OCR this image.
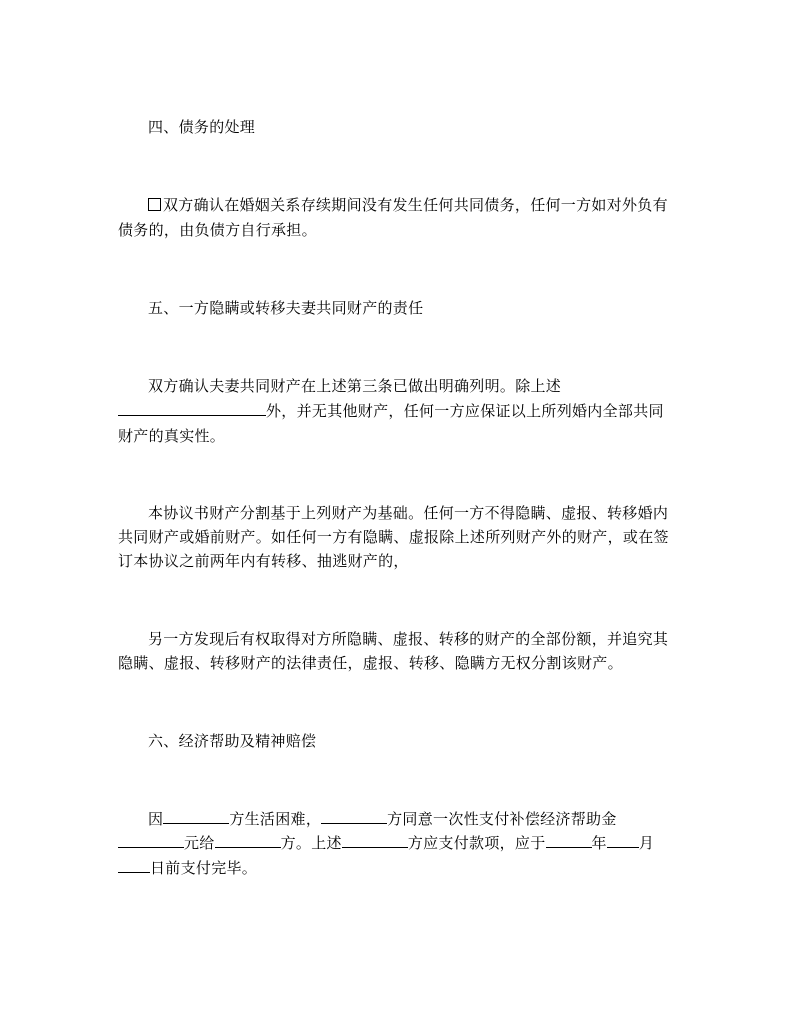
四、债务的处理
双方确认在婚姻关系存续期间没有发生任何共同债务，任何一方如对外负有
债务的，由负债方自行承担。
五、一方隐瞒或转移夫妻共同财产的责任
双方确认夫妻共同财产在上述第三条已做出明确列明。除上述
外，并无其他财产，任何一方应保证以上所列婚内全部共同
财产的真实性。
本协议书财产分割基于上列财产为基础。任何一方不得隐瞒、虚报、转移婚内
共同财产或婚前财产。如任何一方有隐瞒、虚报除上述所列财产外的财产，或在签
订本协议之前两年内有转移、抽逃财产的，
另一方发现后有权取得对方所隐瞒、虚报、转移的财产的全部份额，并追究其
隐瞒、虚报、转移财产的法律责任，虚报、转移、隐瞒方无权分割该财产。
六、经济帮助及精神赔偿
因	方生活困难，	方同意一次性支付补偿经济帮助金
元给	方。上述	方应支付款项，应于	年 月
日前支付完毕。
